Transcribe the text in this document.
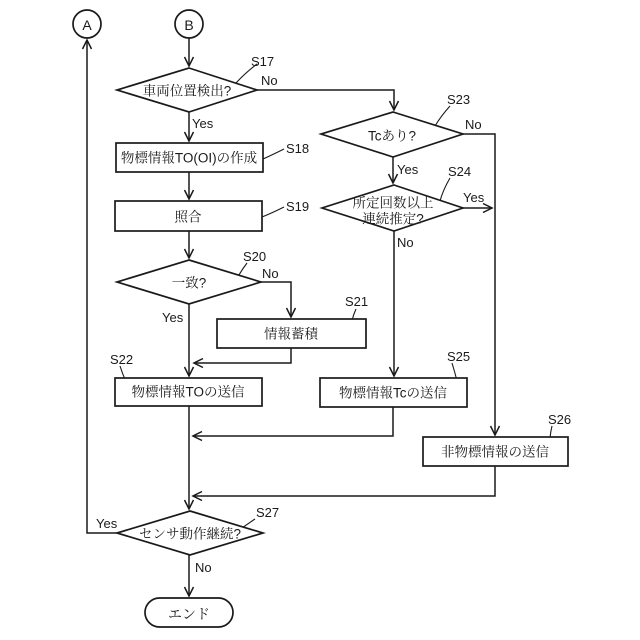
A	B
車両位置検出?
物標情報TO(OI)の作成
照合
一致?
情報蓄積
物標情報TOの送信
Tcあり?
所定回数以上
連続推定?
物標情報Tcの送信
非物標情報の送信
センサ動作継続?
エンド
S17
S18
S19
S20
S21
S22
S23
S24
S25
S26
S27
Yes
No
Yes
No
Yes
No
Yes
No
Yes
No
